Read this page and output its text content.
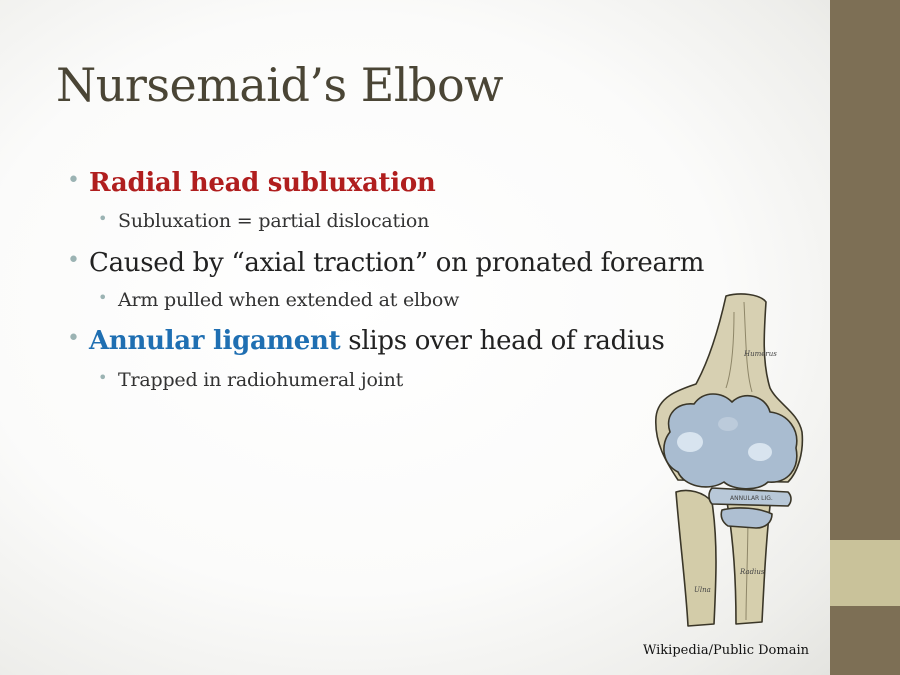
Nursemaid’s Elbow
• Radial head subluxation
• Subluxation = partial dislocation
• Caused by “axial traction” on pronated forearm
• Arm pulled when extended at elbow
• Annular ligament slips over head of radius
• Trapped in radiohumeral joint
Humerus
ANNULAR LIG.
Radius
Ulna
Wikipedia/Public Domain
